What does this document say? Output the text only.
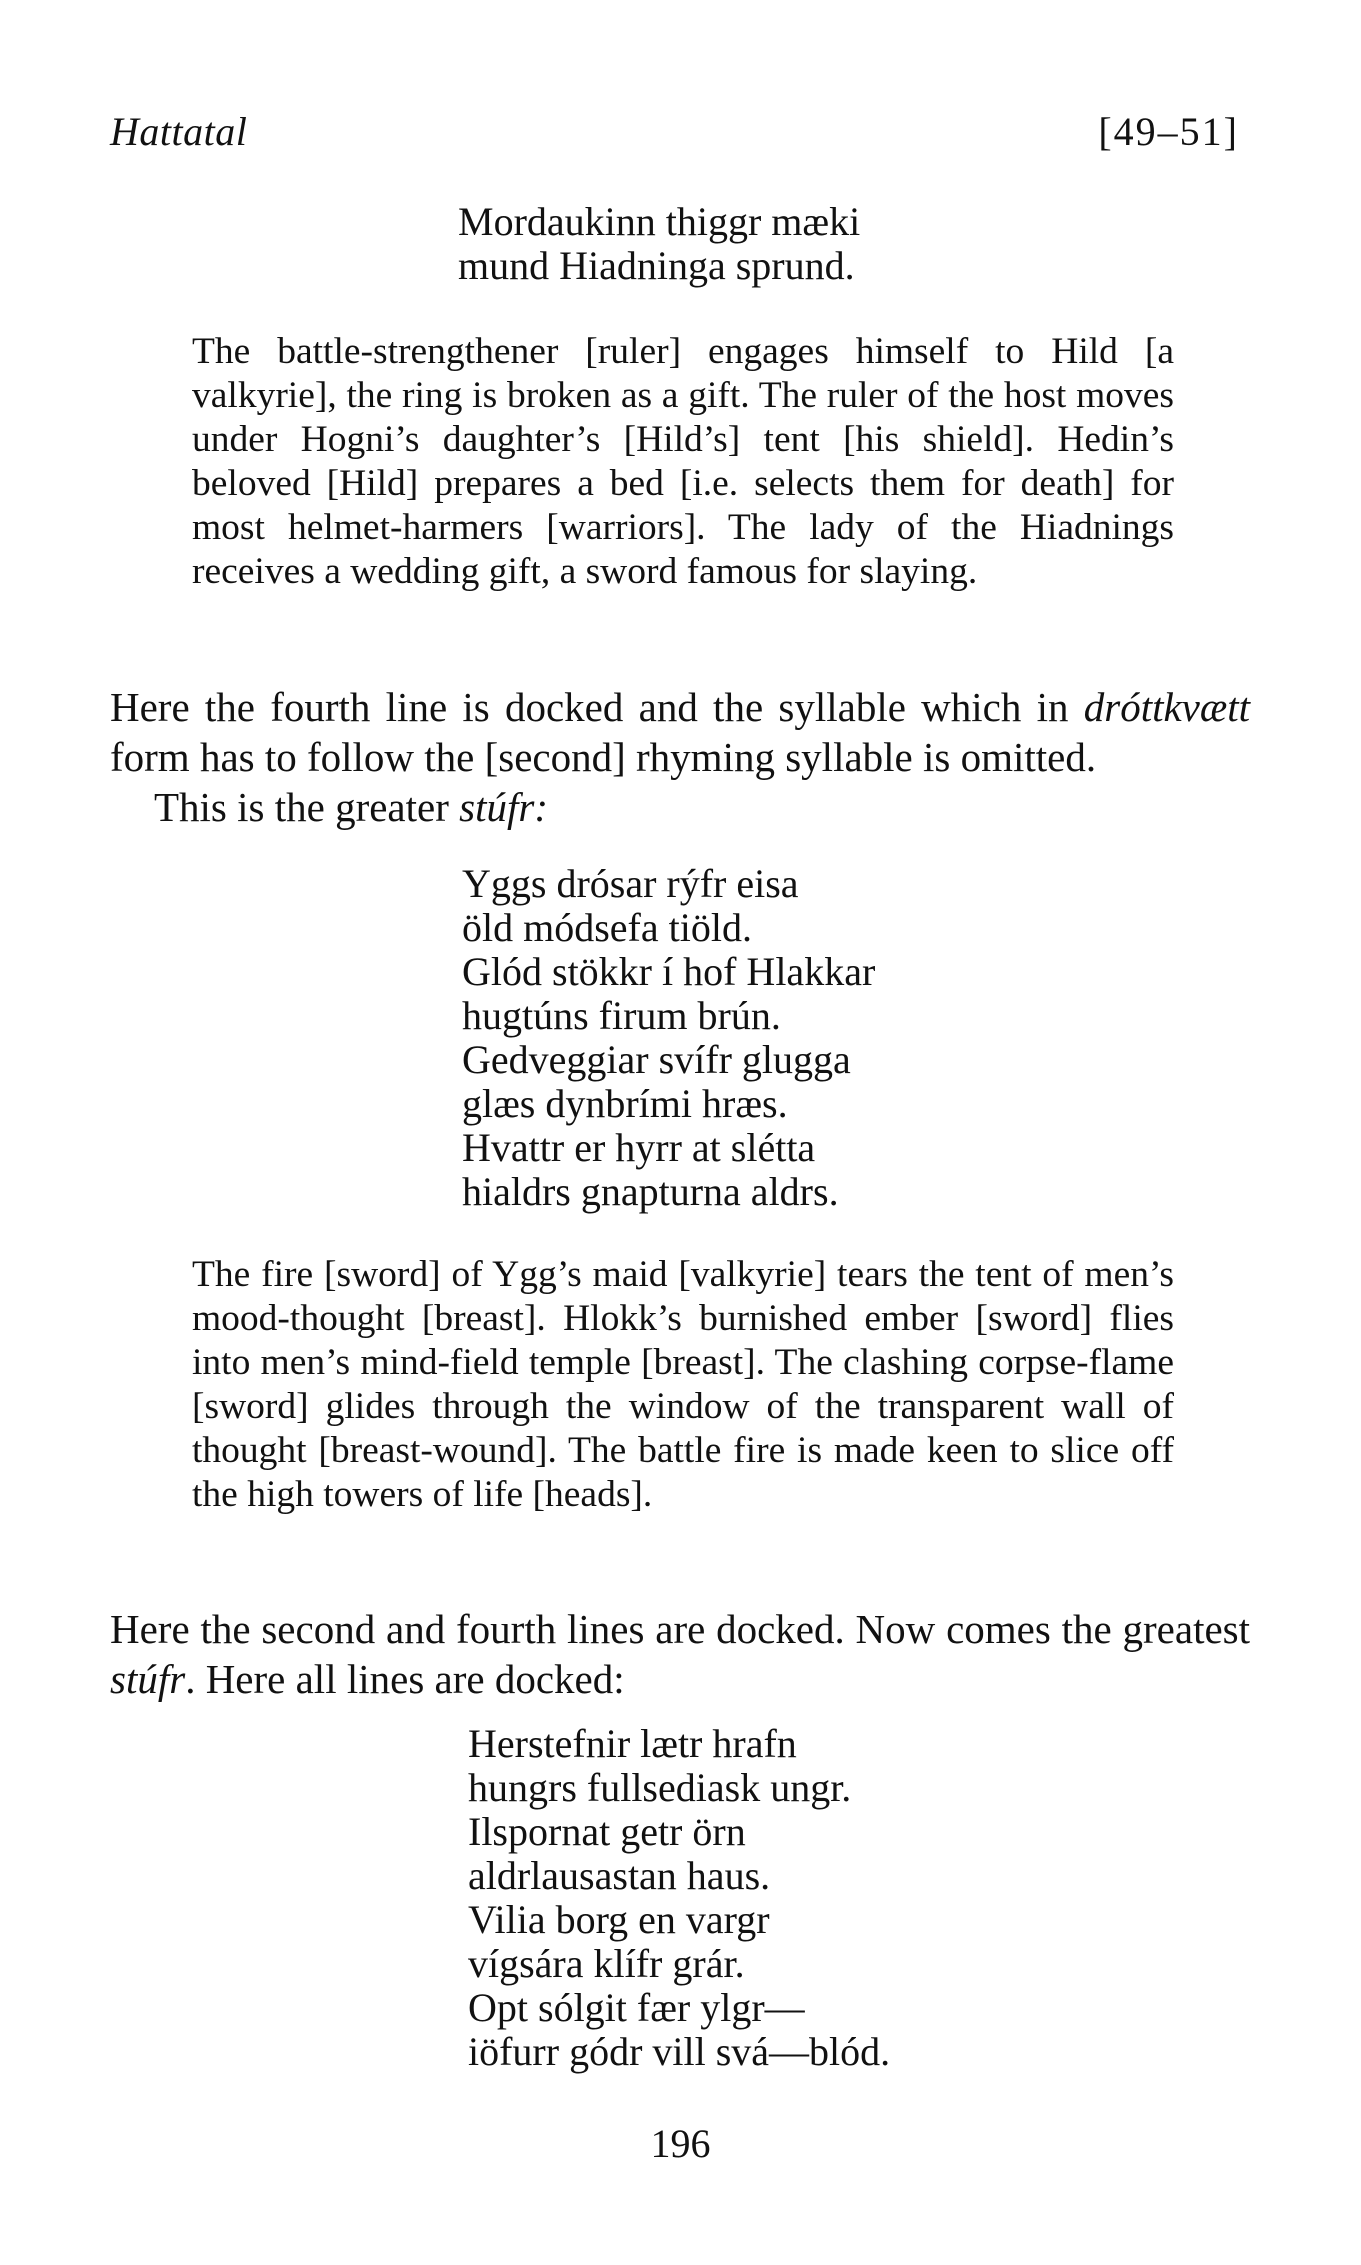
Hattatal	[49–51]
Mordaukinn thiggr mæki
mund Hiadninga sprund.

The battle-strengthener [ruler] engages himself to Hild [a valkyrie], the ring is broken as a gift. The ruler of the host moves under Hogni’s daughter’s [Hild’s] tent [his shield]. Hedin’s beloved [Hild] prepares a bed [i.e. selects them for death] for most helmet-harmers [warriors]. The lady of the Hiadnings receives a wedding gift, a sword famous for slaying.

Here the fourth line is docked and the syllable which in dróttkvætt form has to follow the [second] rhyming syllable is omitted.
This is the greater stúfr:
Yggs drósar rýfr eisa
öld módsefa tiöld.
Glód stökkr í hof Hlakkar
hugtúns firum brún.
Gedveggiar svífr glugga
glæs dynbrími hræs.
Hvattr er hyrr at slétta
hialdrs gnapturna aldrs.

The fire [sword] of Ygg’s maid [valkyrie] tears the tent of men’s mood-thought [breast]. Hlokk’s burnished ember [sword] flies into men’s mind-field temple [breast]. The clashing corpse-flame [sword] glides through the window of the transparent wall of thought [breast-wound]. The battle fire is made keen to slice off the high towers of life [heads].

Here the second and fourth lines are docked. Now comes the greatest stúfr. Here all lines are docked:
Herstefnir lætr hrafn
hungrs fullsediask ungr.
Ilspornat getr örn
aldrlausastan haus.
Vilia borg en vargr
vígsára klífr grár.
Opt sólgit fær ylgr—
iöfurr gódr vill svá—blód.
196
